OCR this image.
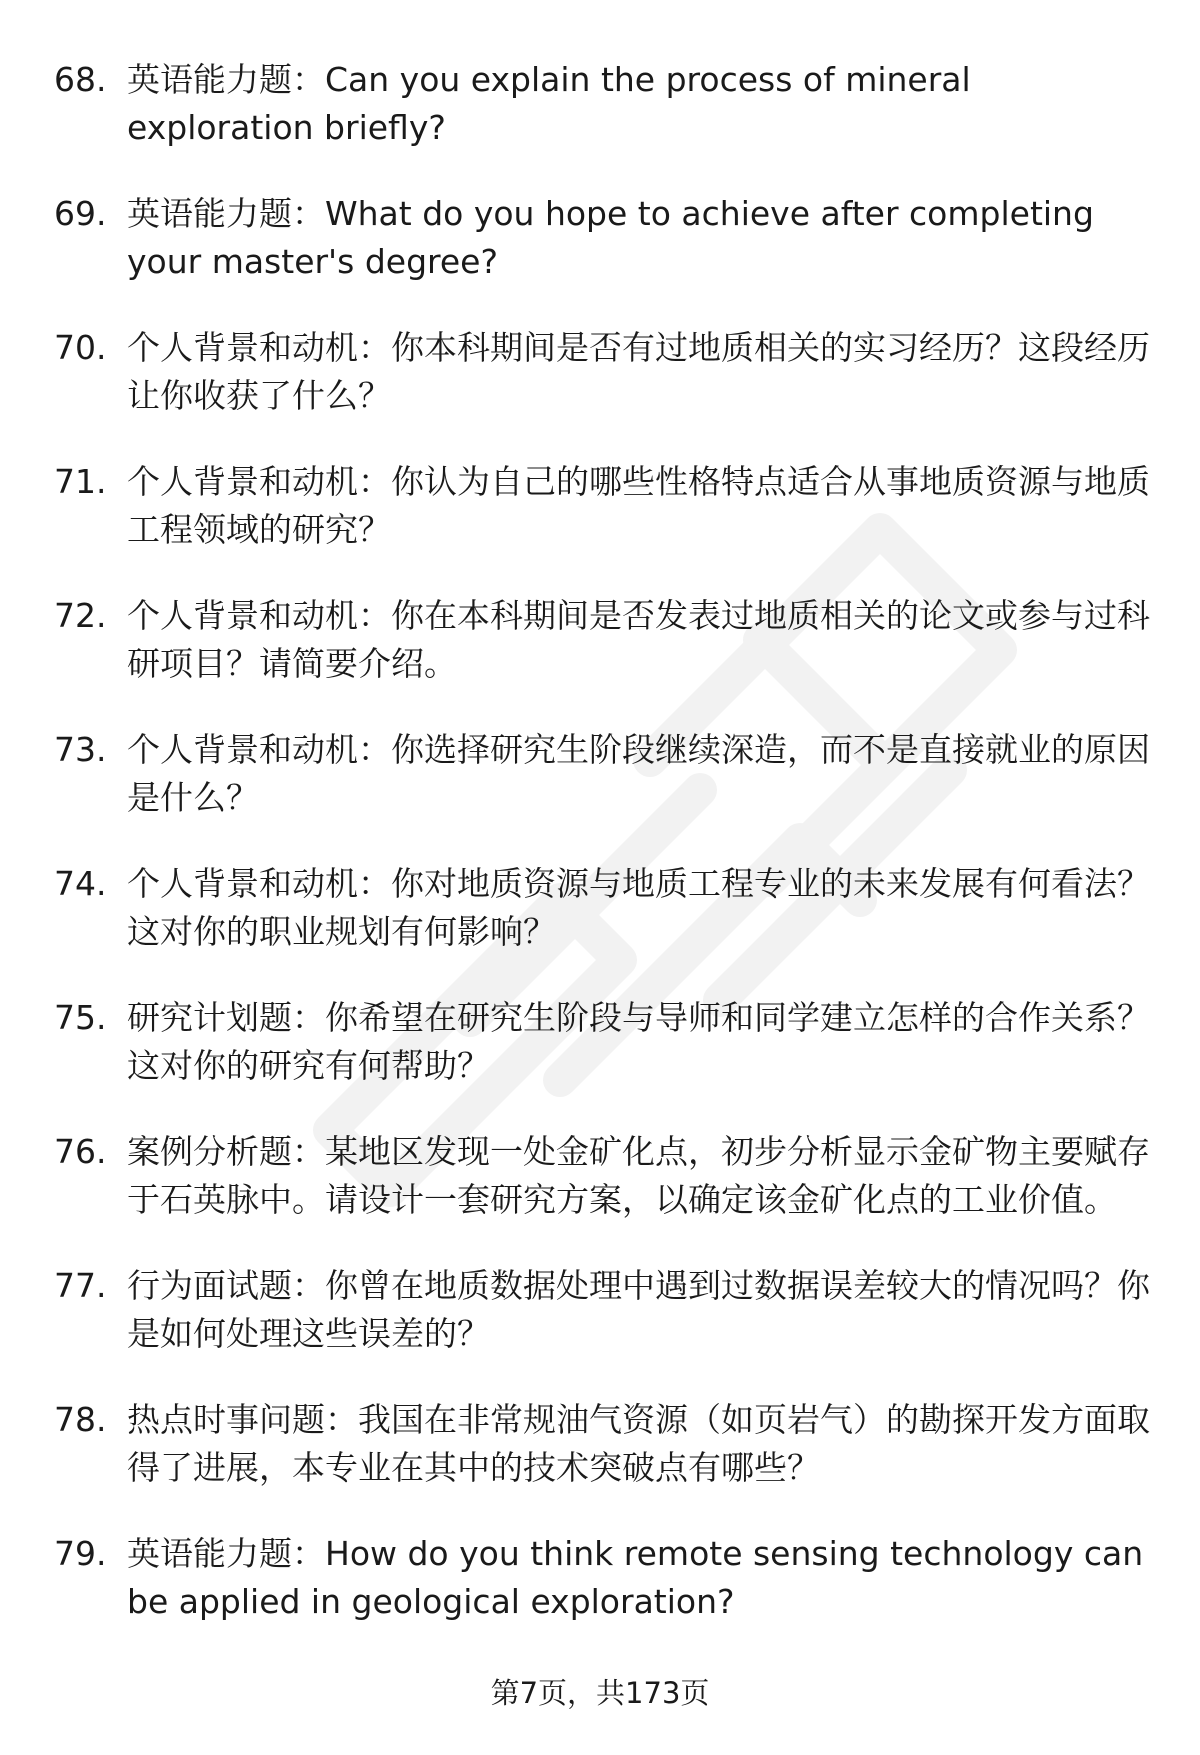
68. 英语能力题：Can you explain the process of mineral exploration briefly?
69. 英语能力题：What do you hope to achieve after completing your master's degree?
70. 个人背景和动机：你本科期间是否有过地质相关的实习经历？这段经历让你收获了什么？
71. 个人背景和动机：你认为自己的哪些性格特点适合从事地质资源与地质工程领域的研究？
72. 个人背景和动机：你在本科期间是否发表过地质相关的论文或参与过科研项目？请简要介绍。
73. 个人背景和动机：你选择研究生阶段继续深造，而不是直接就业的原因是什么？
74. 个人背景和动机：你对地质资源与地质工程专业的未来发展有何看法？这对你的职业规划有何影响？
75. 研究计划题：你希望在研究生阶段与导师和同学建立怎样的合作关系？这对你的研究有何帮助？
76. 案例分析题：某地区发现一处金矿化点，初步分析显示金矿物主要赋存于石英脉中。请设计一套研究方案，以确定该金矿化点的工业价值。
77. 行为面试题：你曾在地质数据处理中遇到过数据误差较大的情况吗？你是如何处理这些误差的？
78. 热点时事问题：我国在非常规油气资源（如页岩气）的勘探开发方面取得了进展，本专业在其中的技术突破点有哪些？
79. 英语能力题：How do you think remote sensing technology can be applied in geological exploration?
第7页，共173页
